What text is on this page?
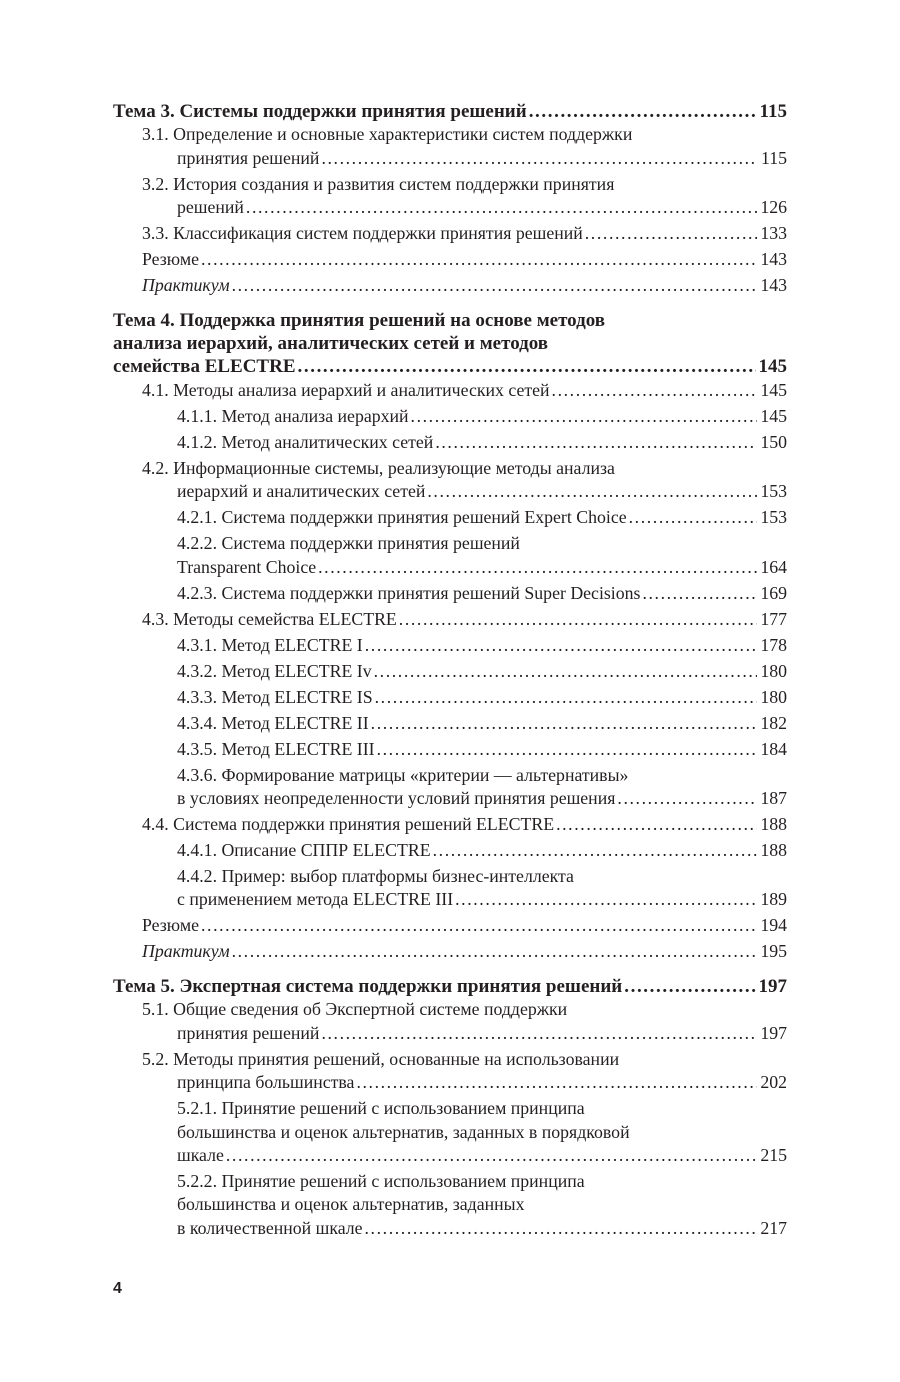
Тема 3. Системы поддержки принятия решений .....	115
3.1. Определение и основные характеристики систем поддержки
принятия решений .....	115
3.2. История создания и развития систем поддержки принятия
решений .....	126
3.3. Классификация систем поддержки принятия решений .....	133
Резюме .....	143
Практикум .....	143
Тема 4. Поддержка принятия решений на основе методов
анализа иерархий, аналитических сетей и методов
семейства ELECTRE .....	145
4.1. Методы анализа иерархий и аналитических сетей .....	145
4.1.1. Метод анализа иерархий .....	145
4.1.2. Метод аналитических сетей .....	150
4.2. Информационные системы, реализующие методы анализа
иерархий и аналитических сетей .....	153
4.2.1. Система поддержки принятия решений Expert Choice .....	153
4.2.2. Система поддержки принятия решений
Transparent Choice .....	164
4.2.3. Система поддержки принятия решений Super Decisions .....	169
4.3. Методы семейства ELECTRE .....	177
4.3.1. Метод ELECTRE I .....	178
4.3.2. Метод ELECTRE Iv .....	180
4.3.3. Метод ELECTRE IS .....	180
4.3.4. Метод ELECTRE II .....	182
4.3.5. Метод ELECTRE III .....	184
4.3.6. Формирование матрицы «критерии — альтернативы»
в условиях неопределенности условий принятия решения .....	187
4.4. Система поддержки принятия решений ELECTRE .....	188
4.4.1. Описание СППР ELECTRE .....	188
4.4.2. Пример: выбор платформы бизнес-интеллекта
с применением метода ELECTRE III .....	189
Резюме .....	194
Практикум .....	195
Тема 5. Экспертная система поддержки принятия решений .....	197
5.1. Общие сведения об Экспертной системе поддержки
принятия решений .....	197
5.2. Методы принятия решений, основанные на использовании
принципа большинства .....	202
5.2.1. Принятие решений с использованием принципа
большинства и оценок альтернатив, заданных в порядковой
шкале .....	215
5.2.2. Принятие решений с использованием принципа
большинства и оценок альтернатив, заданных
в количественной шкале .....	217
4
